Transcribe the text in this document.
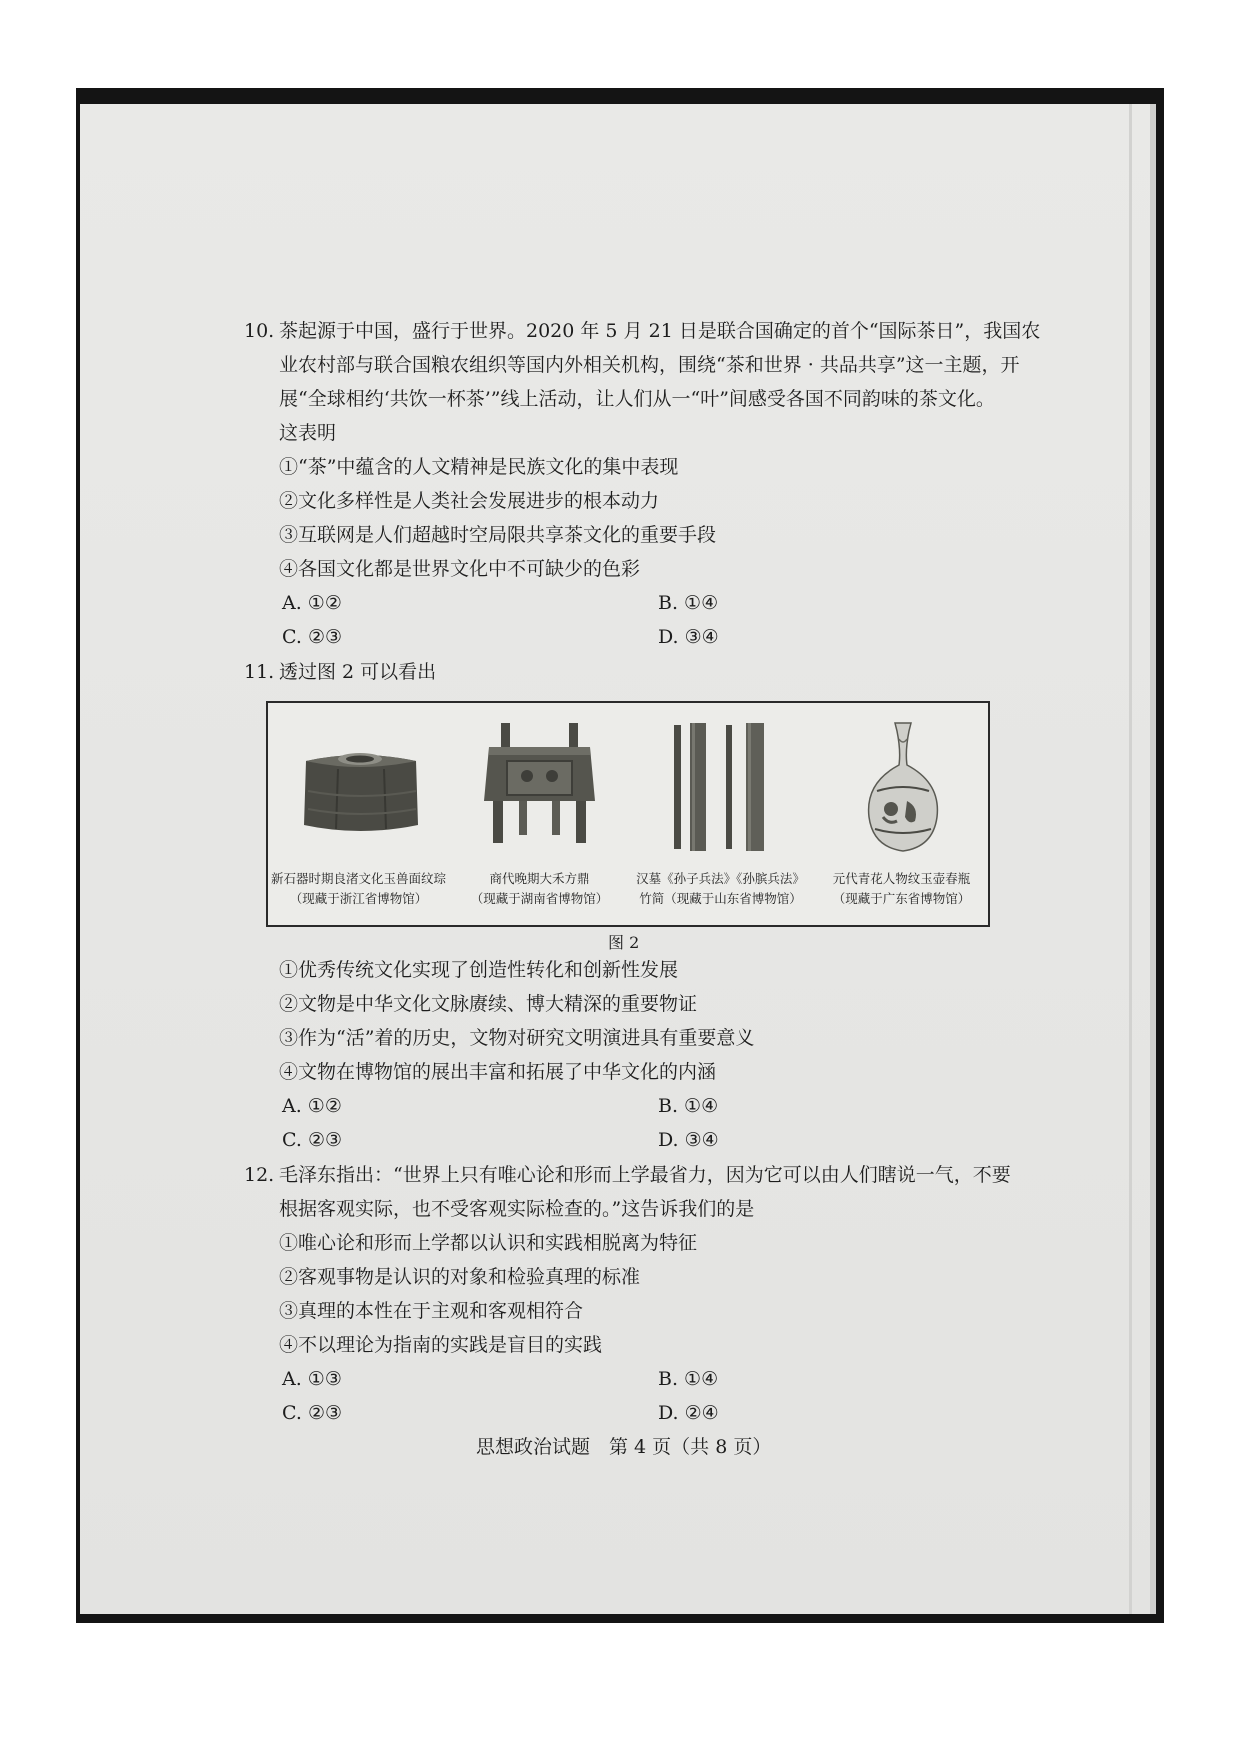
10. 茶起源于中国，盛行于世界。2020 年 5 月 21 日是联合国确定的首个“国际茶日”，我国农
业农村部与联合国粮农组织等国内外相关机构，围绕“茶和世界 · 共品共享”这一主题，开
展“全球相约‘共饮一杯茶’”线上活动，让人们从一“叶”间感受各国不同韵味的茶文化。
这表明
①“茶”中蕴含的人文精神是民族文化的集中表现
②文化多样性是人类社会发展进步的根本动力
③互联网是人们超越时空局限共享茶文化的重要手段
④各国文化都是世界文化中不可缺少的色彩
A. ①②	B. ①④
C. ②③	D. ③④
11. 透过图 2 可以看出
新石器时期良渚文化玉兽面纹琮
（现藏于浙江省博物馆）
商代晚期大禾方鼎
（现藏于湖南省博物馆）
汉墓《孙子兵法》《孙膑兵法》
竹简（现藏于山东省博物馆）
元代青花人物纹玉壶春瓶
（现藏于广东省博物馆）
图 2
①优秀传统文化实现了创造性转化和创新性发展
②文物是中华文化文脉赓续、博大精深的重要物证
③作为“活”着的历史，文物对研究文明演进具有重要意义
④文物在博物馆的展出丰富和拓展了中华文化的内涵
A. ①②	B. ①④
C. ②③	D. ③④
12. 毛泽东指出：“世界上只有唯心论和形而上学最省力，因为它可以由人们瞎说一气，不要
根据客观实际，也不受客观实际检查的。”这告诉我们的是
①唯心论和形而上学都以认识和实践相脱离为特征
②客观事物是认识的对象和检验真理的标准
③真理的本性在于主观和客观相符合
④不以理论为指南的实践是盲目的实践
A. ①③	B. ①④
C. ②③	D. ②④
思想政治试题　第 4 页（共 8 页）
